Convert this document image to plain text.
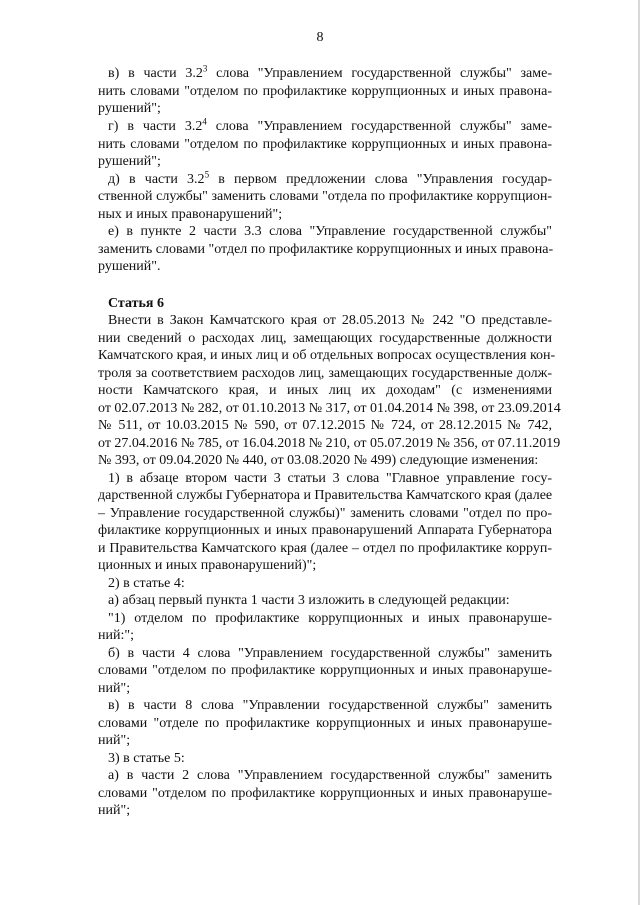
8
в) в части $3.2^3$ слова "Управлением государственной службы" заме-
нить словами "отделом по профилактике коррупционных и иных правона-
рушений";
г) в части $3.2^4$ слова "Управлением государственной службы" заме-
нить словами "отделом по профилактике коррупционных и иных правона-
рушений";
д) в части $3.2^5$ в первом предложении слова "Управления государ-
ственной службы" заменить словами "отдела по профилактике коррупцион-
ных и иных правонарушений";
е) в пункте 2 части 3.3 слова "Управление государственной службы"
заменить словами "отдел по профилактике коррупционных и иных правона-
рушений".
Статья 6
Внести в Закон Камчатского края от 28.05.2013 № 242 "О представле-
нии сведений о расходах лиц, замещающих государственные должности
Камчатского края, и иных лиц и об отдельных вопросах осуществления кон-
троля за соответствием расходов лиц, замещающих государственные долж-
ности Камчатского края, и иных лиц их доходам" (с изменениями
от 02.07.2013 № 282, от 01.10.2013 № 317, от 01.04.2014 № 398, от 23.09.2014
№ 511, от 10.03.2015 № 590, от 07.12.2015 № 724, от 28.12.2015 № 742,
от 27.04.2016 № 785, от 16.04.2018 № 210, от 05.07.2019 № 356, от 07.11.2019
№ 393, от 09.04.2020 № 440, от 03.08.2020 № 499) следующие изменения:
1) в абзаце втором части 3 статьи 3 слова "Главное управление госу-
дарственной службы Губернатора и Правительства Камчатского края (далее
– Управление государственной службы)" заменить словами "отдел по про-
филактике коррупционных и иных правонарушений Аппарата Губернатора
и Правительства Камчатского края (далее – отдел по профилактике корруп-
ционных и иных правонарушений)";
2) в статье 4:
а) абзац первый пункта 1 части 3 изложить в следующей редакции:
"1) отделом по профилактике коррупционных и иных правонаруше-
ний:";
б) в части 4 слова "Управлением государственной службы" заменить
словами "отделом по профилактике коррупционных и иных правонаруше-
ний";
в) в части 8 слова "Управлении государственной службы" заменить
словами "отделе по профилактике коррупционных и иных правонаруше-
ний";
3) в статье 5:
а) в части 2 слова "Управлением государственной службы" заменить
словами "отделом по профилактике коррупционных и иных правонаруше-
ний";
